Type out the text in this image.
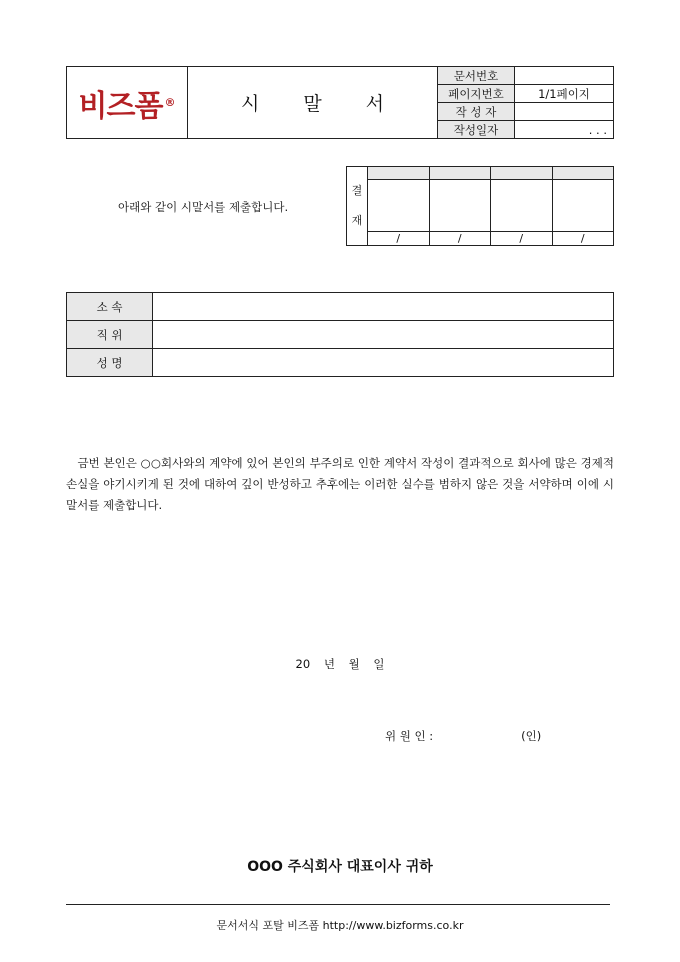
비즈폼 ®	시 말 서	문서번호	
		페이지번호	1/1페이지
		작 성 자	
		작성일자	. . .
아래와 같이 시말서를 제출합니다.
결
재				

	/	/	/	/
소 속	
직 위	
성 명	
금번 본인은 ○○회사와의 계약에 있어 본인의 부주의로 인한 계약서 작성이 결과적으로 회사에 많은 경제적 손실을 야기시키게 된 것에 대하여 깊이 반성하고 추후에는 이러한 실수를 범하지 않은 것을 서약하며 이에 시말서를 제출합니다.
20 년 월 일
위 원 인 :	(인)
OOO 주식회사 대표이사 귀하
문서서식 포탈 비즈폼 http://www.bizforms.co.kr
